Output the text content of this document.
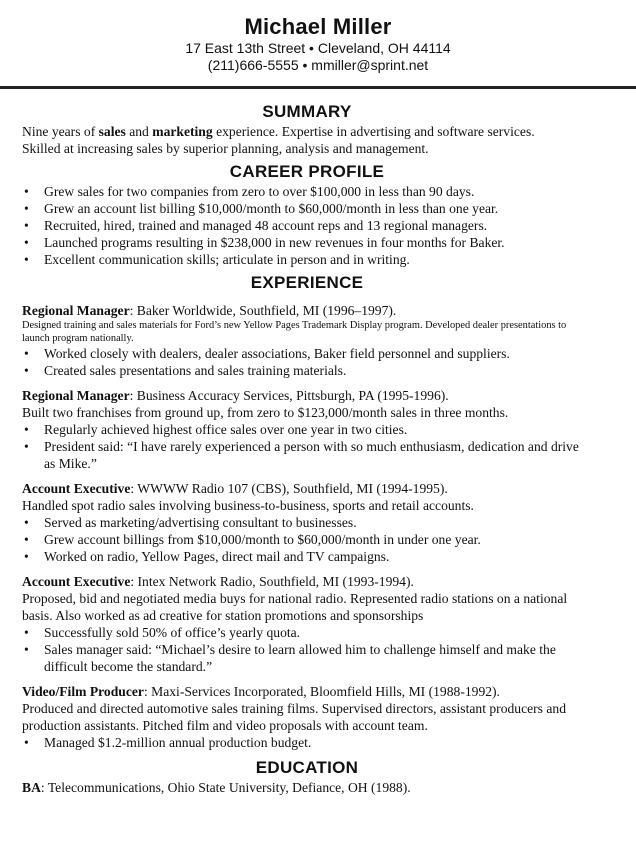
Michael Miller
17 East 13th Street • Cleveland, OH 44114
(211)666-5555 • mmiller@sprint.net
SUMMARY

Nine years of sales and marketing experience. Expertise in advertising and software services.

Skilled at increasing sales by superior planning, analysis and management.

CAREER PROFILE
• Grew sales for two companies from zero to over $100,000 in less than 90 days.
• Grew an account list billing $10,000/month to $60,000/month in less than one year.
• Recruited, hired, trained and managed 48 account reps and 13 regional managers.
• Launched programs resulting in $238,000 in new revenues in four months for Baker.
• Excellent communication skills; articulate in person and in writing.
EXPERIENCE
Regional Manager: Baker Worldwide, Southfield, MI (1996–1997).
Designed training and sales materials for Ford’s new Yellow Pages Trademark Display program. Developed dealer presentations to launch program nationally.
• Worked closely with dealers, dealer associations, Baker field personnel and suppliers.
• Created sales presentations and sales training materials.
Regional Manager: Business Accuracy Services, Pittsburgh, PA (1995-1996).
Built two franchises from ground up, from zero to $123,000/month sales in three months.
• Regularly achieved highest office sales over one year in two cities.
• President said: “I have rarely experienced a person with so much enthusiasm, dedication and drive as Mike.”
Account Executive: WWWW Radio 107 (CBS), Southfield, MI (1994-1995).
Handled spot radio sales involving business-to-business, sports and retail accounts.
• Served as marketing/advertising consultant to businesses.
• Grew account billings from $10,000/month to $60,000/month in under one year.
• Worked on radio, Yellow Pages, direct mail and TV campaigns.
Account Executive: Intex Network Radio, Southfield, MI (1993-1994).
Proposed, bid and negotiated media buys for national radio. Represented radio stations on a national basis. Also worked as ad creative for station promotions and sponsorships
• Successfully sold 50% of office’s yearly quota.
• Sales manager said: “Michael’s desire to learn allowed him to challenge himself and make the difficult become the standard.”
Video/Film Producer: Maxi-Services Incorporated, Bloomfield Hills, MI (1988-1992).
Produced and directed automotive sales training films. Supervised directors, assistant producers and production assistants. Pitched film and video proposals with account team.
• Managed $1.2-million annual production budget.
EDUCATION
BA: Telecommunications, Ohio State University, Defiance, OH (1988).
